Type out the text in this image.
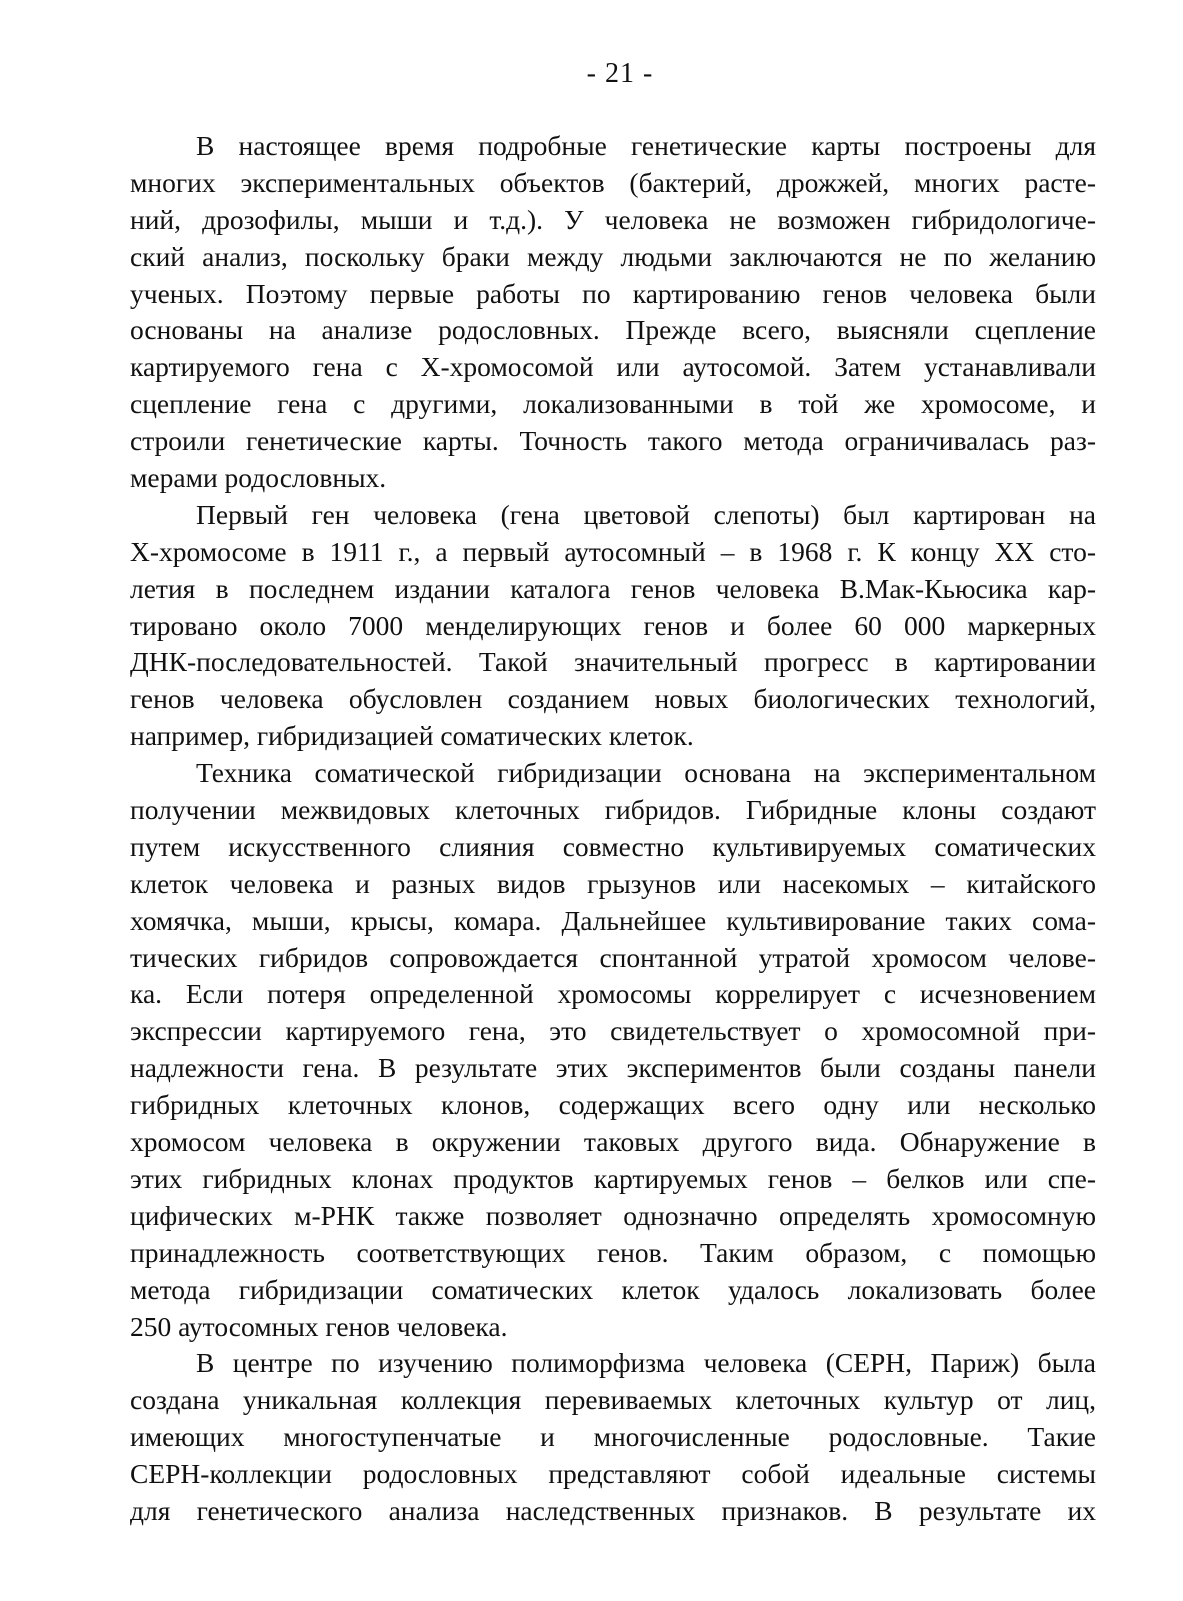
- 21 -
В настоящее время подробные генетические карты построены для
многих экспериментальных объектов (бактерий, дрожжей, многих расте-
ний, дрозофилы, мыши и т.д.). У человека не возможен гибридологиче-
ский анализ, поскольку браки между людьми заключаются не по желанию
ученых. Поэтому первые работы по картированию генов человека были
основаны на анализе родословных. Прежде всего, выясняли сцепление
картируемого гена с Х-хромосомой или аутосомой. Затем устанавливали
сцепление гена с другими, локализованными в той же хромосоме, и
строили генетические карты. Точность такого метода ограничивалась раз-
мерами родословных.
Первый ген человека (гена цветовой слепоты) был картирован на
Х-хромосоме в 1911 г., а первый аутосомный – в 1968 г. К концу XX сто-
летия в последнем издании каталога генов человека В.Мак-Кьюсика кар-
тировано около 7000 менделирующих генов и более 60 000 маркерных
ДНК-последовательностей. Такой значительный прогресс в картировании
генов человека обусловлен созданием новых биологических технологий,
например, гибридизацией соматических клеток.
Техника соматической гибридизации основана на экспериментальном
получении межвидовых клеточных гибридов. Гибридные клоны создают
путем искусственного слияния совместно культивируемых соматических
клеток человека и разных видов грызунов или насекомых – китайского
хомячка, мыши, крысы, комара. Дальнейшее культивирование таких сома-
тических гибридов сопровождается спонтанной утратой хромосом челове-
ка. Если потеря определенной хромосомы коррелирует с исчезновением
экспрессии картируемого гена, это свидетельствует о хромосомной при-
надлежности гена. В результате этих экспериментов были созданы панели
гибридных клеточных клонов, содержащих всего одну или несколько
хромосом человека в окружении таковых другого вида. Обнаружение в
этих гибридных клонах продуктов картируемых генов – белков или спе-
цифических м-РНК также позволяет однозначно определять хромосомную
принадлежность соответствующих генов. Таким образом, с помощью
метода гибридизации соматических клеток удалось локализовать более
250 аутосомных генов человека.
В центре по изучению полиморфизма человека (CEPH, Париж) была
создана уникальная коллекция перевиваемых клеточных культур от лиц,
имеющих многоступенчатые и многочисленные родословные. Такие
CEPH-коллекции родословных представляют собой идеальные системы
для генетического анализа наследственных признаков. В результате их
